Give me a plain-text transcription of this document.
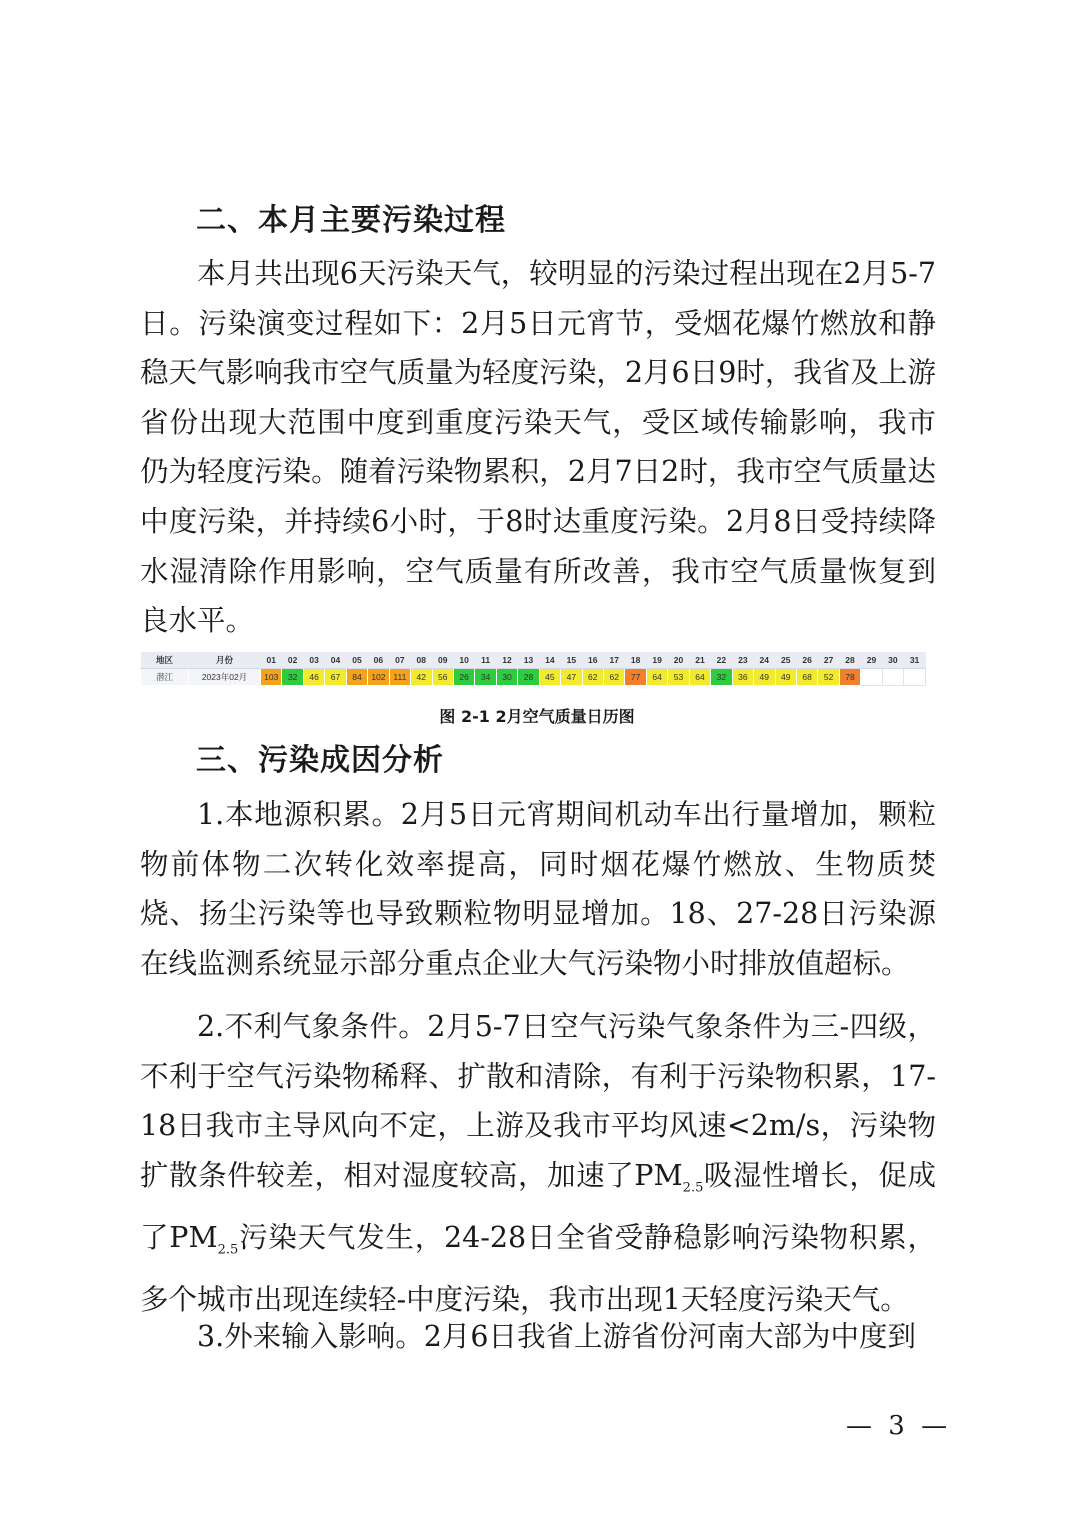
二、本月主要污染过程

本月共出现6天污染天气，较明显的污染过程出现在2月5-7日。污染演变过程如下：2月5日元宵节，受烟花爆竹燃放和静稳天气影响我市空气质量为轻度污染，2月6日9时，我省及上游省份出现大范围中度到重度污染天气，受区域传输影响，我市仍为轻度污染。随着污染物累积，2月7日2时，我市空气质量达中度污染，并持续6小时，于8时达重度污染。2月8日受持续降水湿清除作用影响，空气质量有所改善，我市空气质量恢复到良水平。

地区	月份	01	02	03	04	05	06	07	08	09	10	11	12	13	14	15	16	17	18	19	20	21	22	23	24	25	26	27	28	29	30	31
潜江	2023年02月	103	32	46	67	84	102	111	42	56	26	34	30	28	45	47	62	62	77	64	53	64	32	36	49	49	68	52	78			
图 2-1 2月空气质量日历图
三、污染成因分析

1.本地源积累。2月5日元宵期间机动车出行量增加，颗粒物前体物二次转化效率提高，同时烟花爆竹燃放、生物质焚烧、扬尘污染等也导致颗粒物明显增加。18、27-28日污染源在线监测系统显示部分重点企业大气污染物小时排放值超标。

2.不利气象条件。2月5-7日空气污染气象条件为三-四级，不利于空气污染物稀释、扩散和清除，有利于污染物积累，17-18日我市主导风向不定，上游及我市平均风速<2m/s，污染物扩散条件较差，相对湿度较高，加速了$PM_{2.5}$吸湿性增长，促成了$PM_{2.5}$污染天气发生，24-28日全省受静稳影响污染物积累，多个城市出现连续轻-中度污染，我市出现1天轻度污染天气。

3.外来输入影响。2月6日我省上游省份河南大部为中度到

— 3 —
